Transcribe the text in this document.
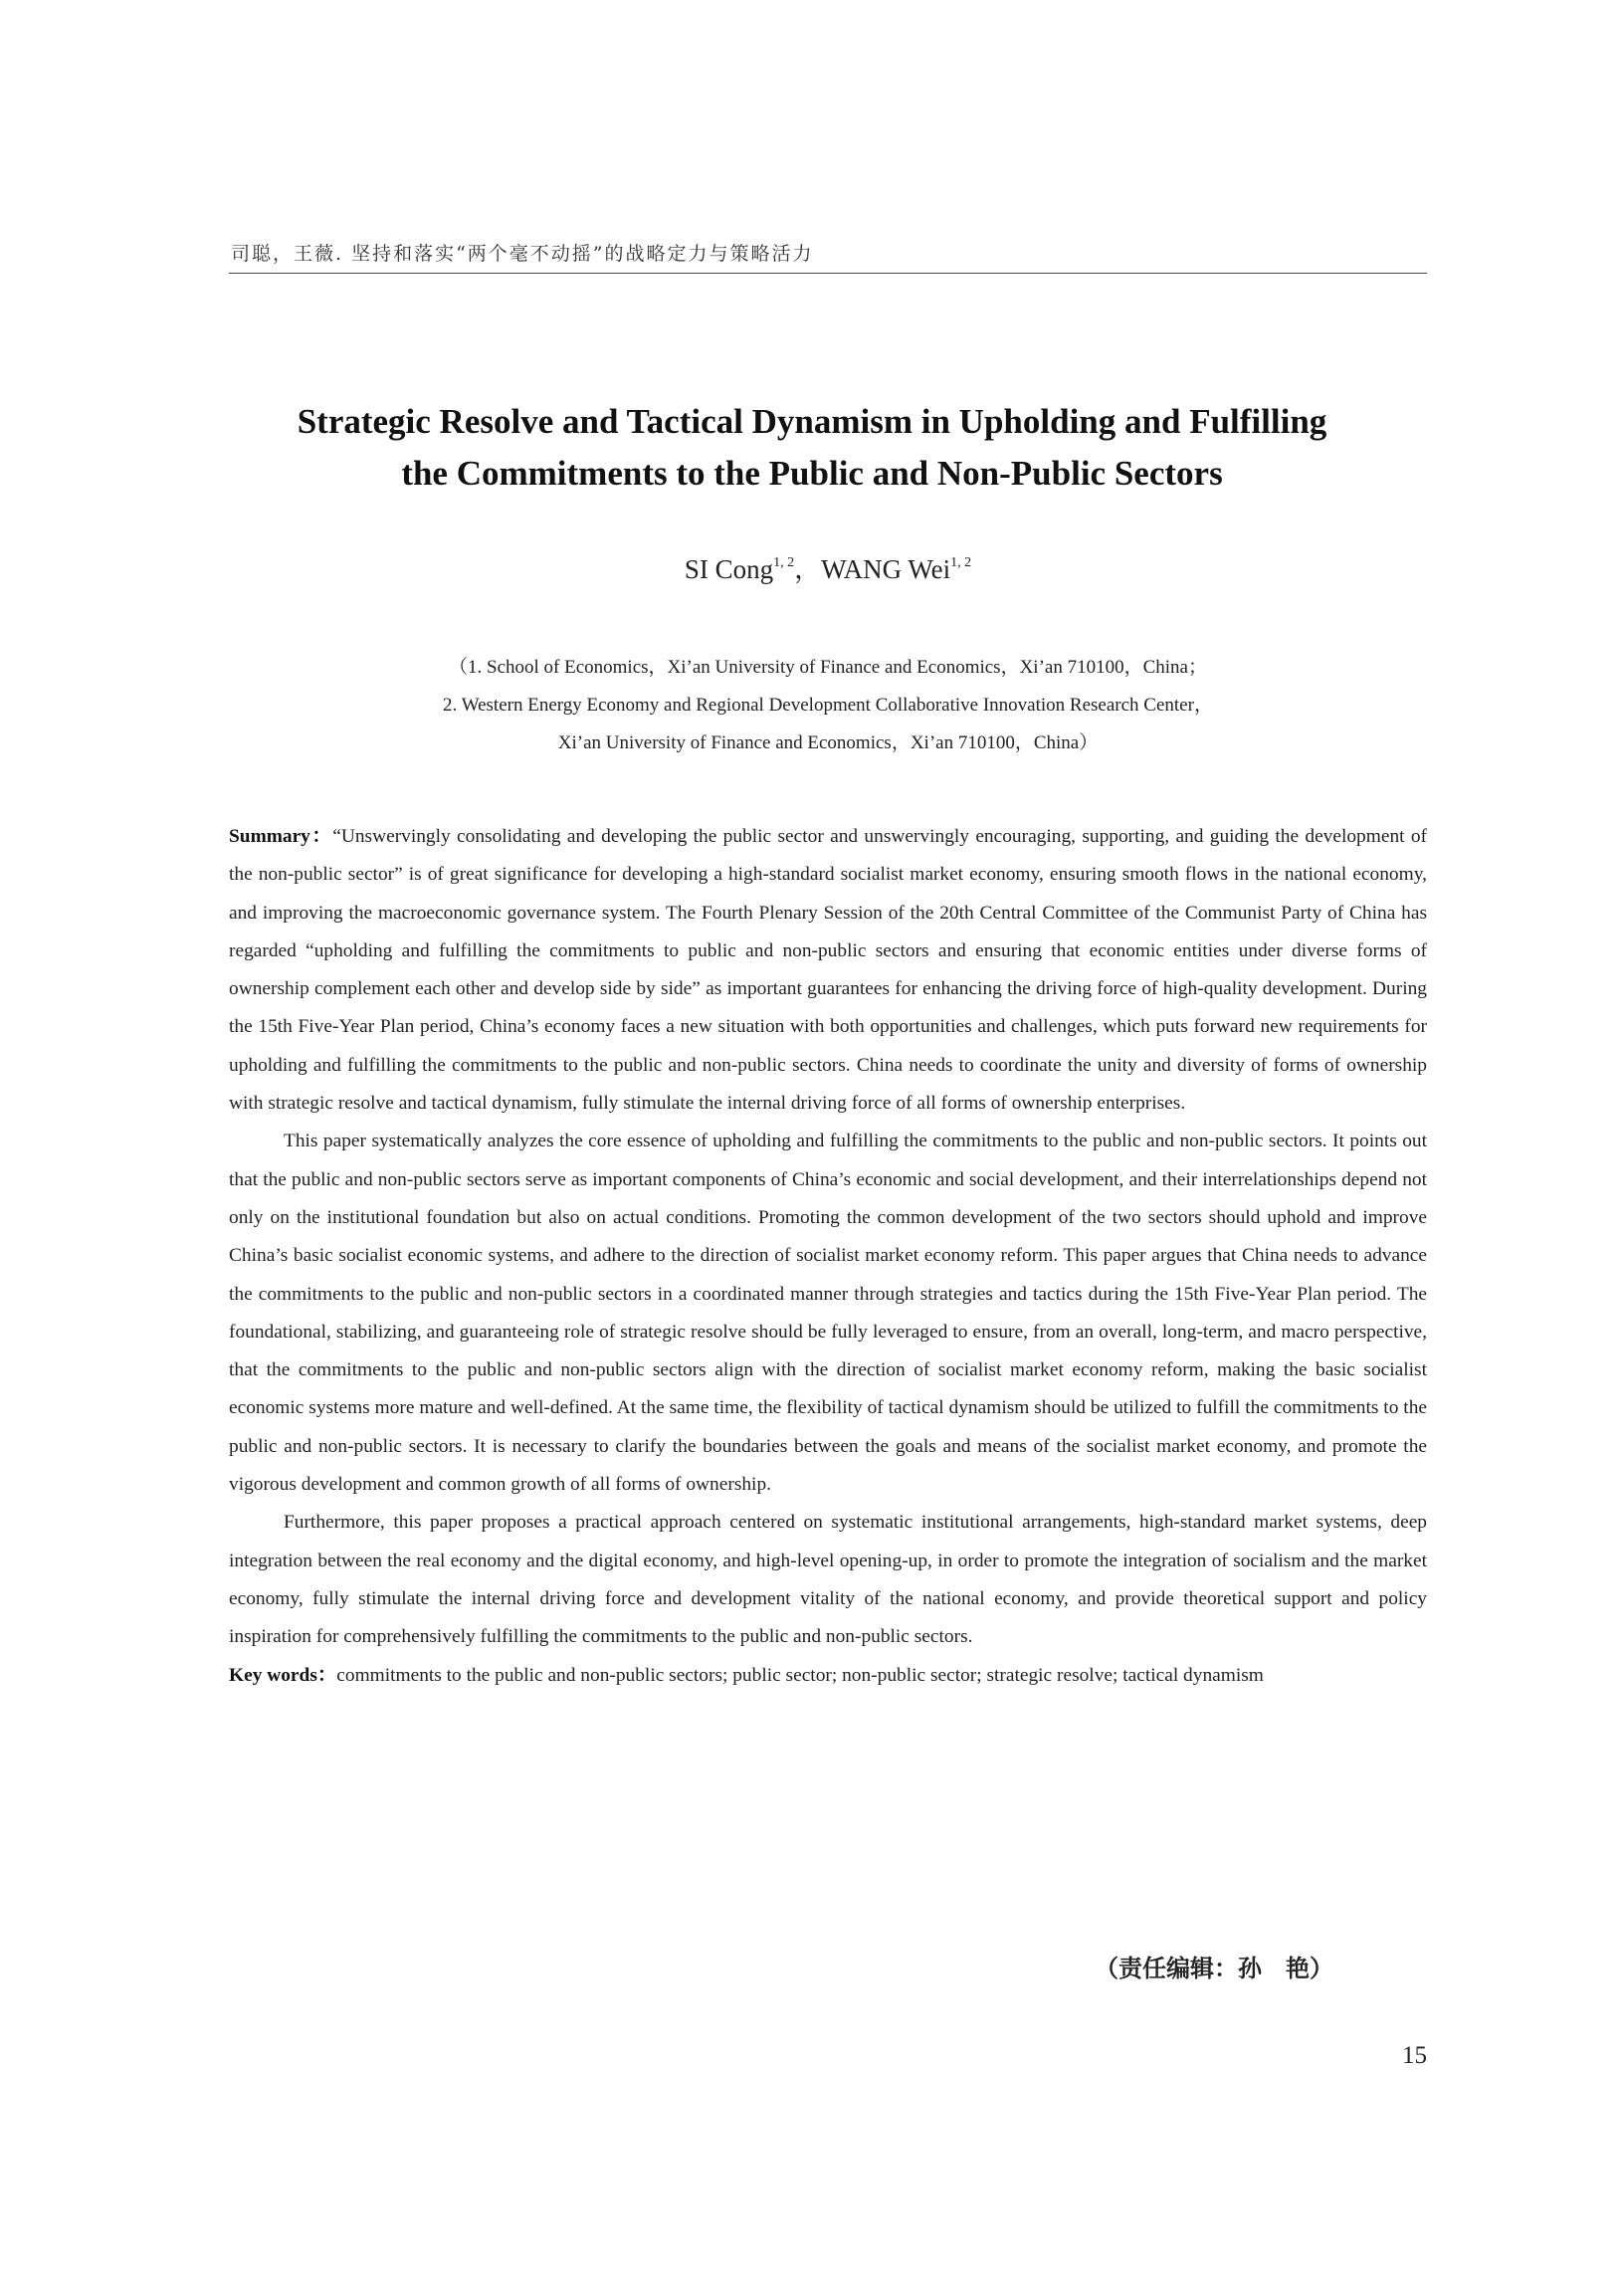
司聪，王薇. 坚持和落实“两个毫不动摇”的战略定力与策略活力
Strategic Resolve and Tactical Dynamism in Upholding and Fulfilling
the Commitments to the Public and Non-Public Sectors
SI Cong$^{1, 2}$，WANG Wei$^{1, 2}$
（1. School of Economics，Xi’an University of Finance and Economics，Xi’an 710100，China；
2. Western Energy Economy and Regional Development Collaborative Innovation Research Center，
Xi’an University of Finance and Economics，Xi’an 710100，China）

Summary：“Unswervingly consolidating and developing the public sector and unswervingly encouraging, supporting, and guiding the development of the non-public sector” is of great significance for developing a high-standard socialist market economy, ensuring smooth flows in the national economy, and improving the macroeconomic governance system. The Fourth Plenary Session of the 20th Central Committee of the Communist Party of China has regarded “upholding and fulfilling the commitments to public and non-public sectors and ensuring that economic entities under diverse forms of ownership complement each other and develop side by side” as important guarantees for enhancing the driving force of high-quality development. During the 15th Five-Year Plan period, China’s economy faces a new situation with both opportunities and challenges, which puts forward new requirements for upholding and fulfilling the commitments to the public and non-public sectors. China needs to coordinate the unity and diversity of forms of ownership with strategic resolve and tactical dynamism, fully stimulate the internal driving force of all forms of ownership enterprises.

This paper systematically analyzes the core essence of upholding and fulfilling the commitments to the public and non-public sectors. It points out that the public and non-public sectors serve as important components of China’s economic and social development, and their interrelationships depend not only on the institutional foundation but also on actual conditions. Promoting the common development of the two sectors should uphold and improve China’s basic socialist economic systems, and adhere to the direction of socialist market economy reform. This paper argues that China needs to advance the commitments to the public and non-public sectors in a coordinated manner through strategies and tactics during the 15th Five-Year Plan period. The foundational, stabilizing, and guaranteeing role of strategic resolve should be fully leveraged to ensure, from an overall, long-term, and macro perspective, that the commitments to the public and non-public sectors align with the direction of socialist market economy reform, making the basic socialist economic systems more mature and well-defined. At the same time, the flexibility of tactical dynamism should be utilized to fulfill the commitments to the public and non-public sectors. It is necessary to clarify the boundaries between the goals and means of the socialist market economy, and promote the vigorous development and common growth of all forms of ownership.

Furthermore, this paper proposes a practical approach centered on systematic institutional arrangements, high-standard market systems, deep integration between the real economy and the digital economy, and high-level opening-up, in order to promote the integration of socialism and the market economy, fully stimulate the internal driving force and development vitality of the national economy, and provide theoretical support and policy inspiration for comprehensively fulfilling the commitments to the public and non-public sectors.

Key words：commitments to the public and non-public sectors; public sector; non-public sector; strategic resolve; tactical dynamism

（责任编辑：孙　艳）
15
